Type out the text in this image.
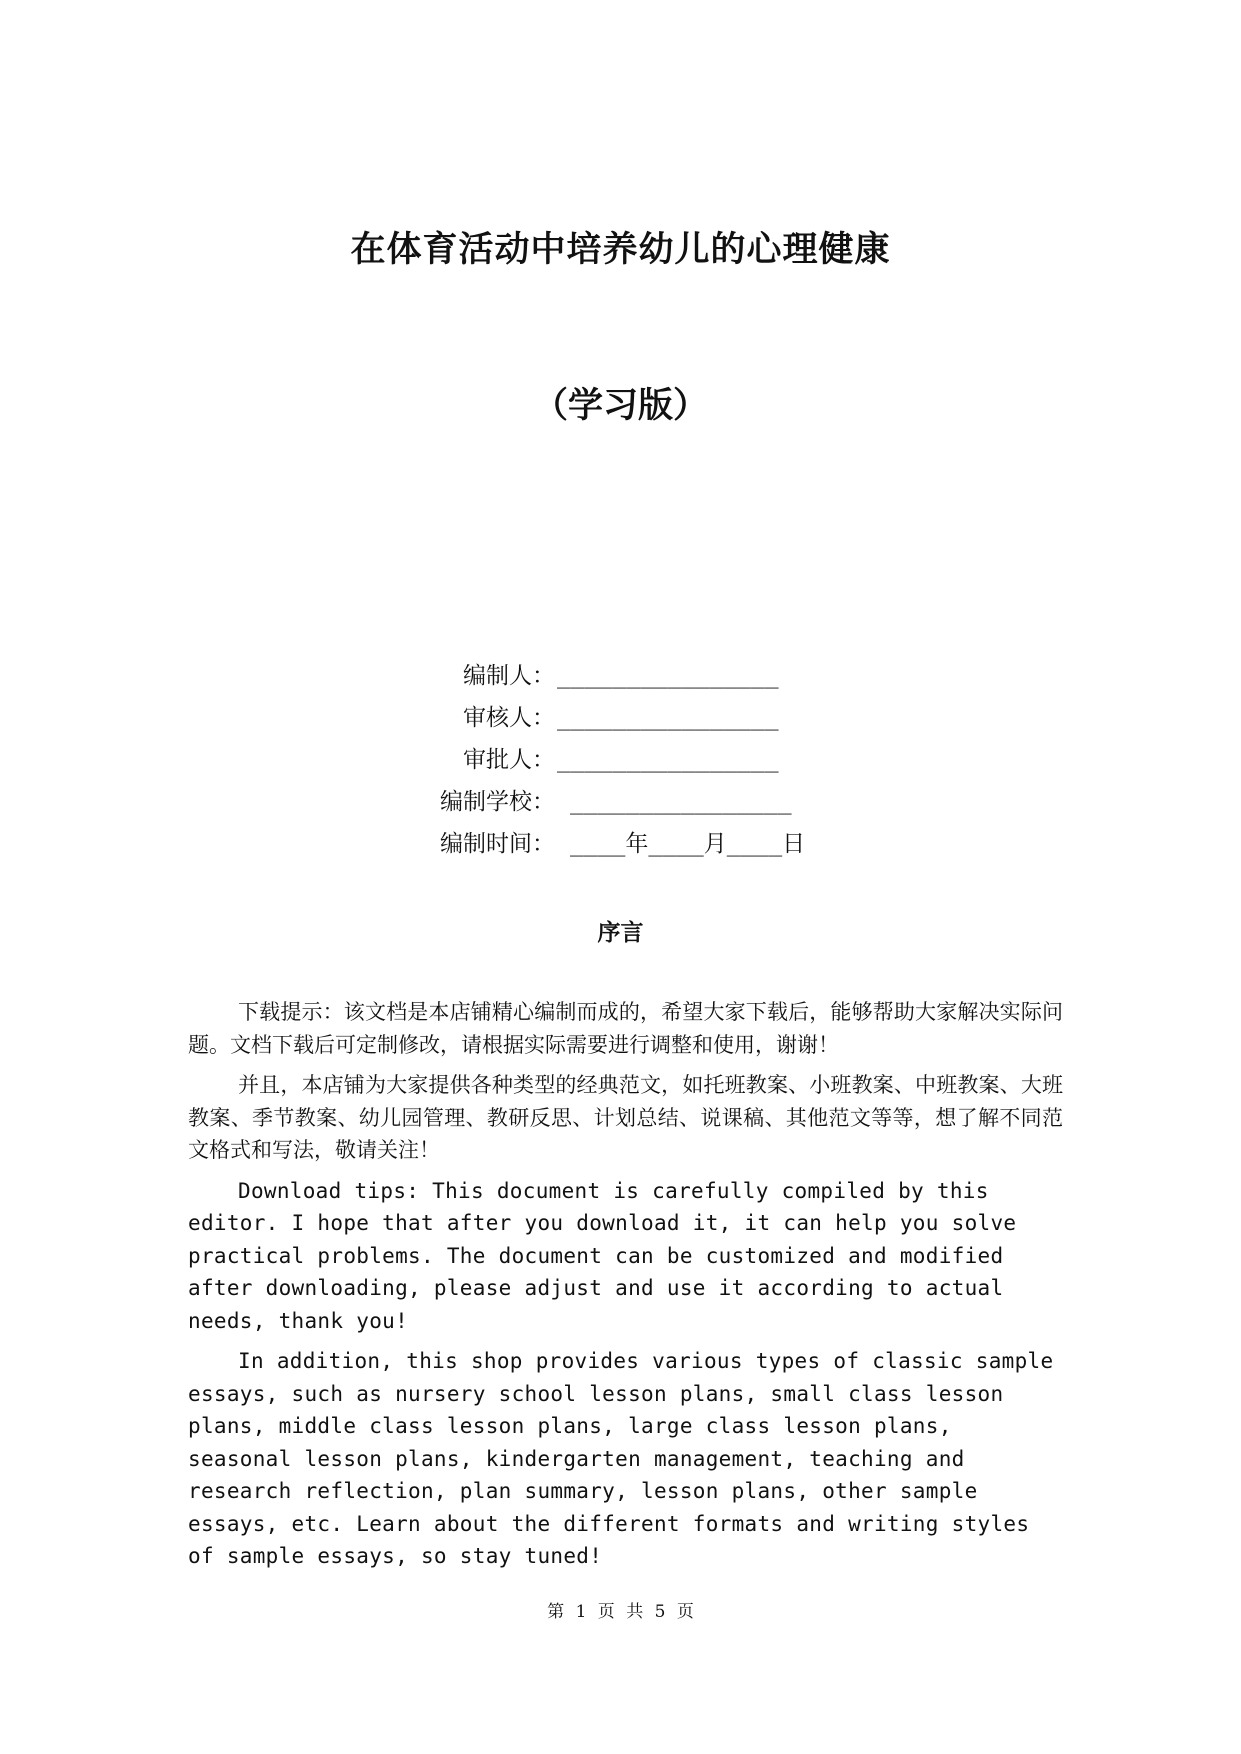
在体育活动中培养幼儿的心理健康
（学习版）
编制人： ________________
审核人： ________________
审批人： ________________
编制学校： ________________
编制时间： ____年____月____日
序言

下载提示：该文档是本店铺精心编制而成的，希望大家下载后，能够帮助大家解决实际问题。文档下载后可定制修改，请根据实际需要进行调整和使用，谢谢！

并且，本店铺为大家提供各种类型的经典范文，如托班教案、小班教案、中班教案、大班教案、季节教案、幼儿园管理、教研反思、计划总结、说课稿、其他范文等等，想了解不同范文格式和写法，敬请关注！

Download tips: This document is carefully compiled by this editor. I hope that after you download it, it can help you solve practical problems. The document can be customized and modified after downloading, please adjust and use it according to actual needs, thank you!

In addition, this shop provides various types of classic sample essays, such as nursery school lesson plans, small class lesson plans, middle class lesson plans, large class lesson plans, seasonal lesson plans, kindergarten management, teaching and research reflection, plan summary, lesson plans, other sample essays, etc. Learn about the different formats and writing styles of sample essays, so stay tuned!

第 1 页 共 5 页
